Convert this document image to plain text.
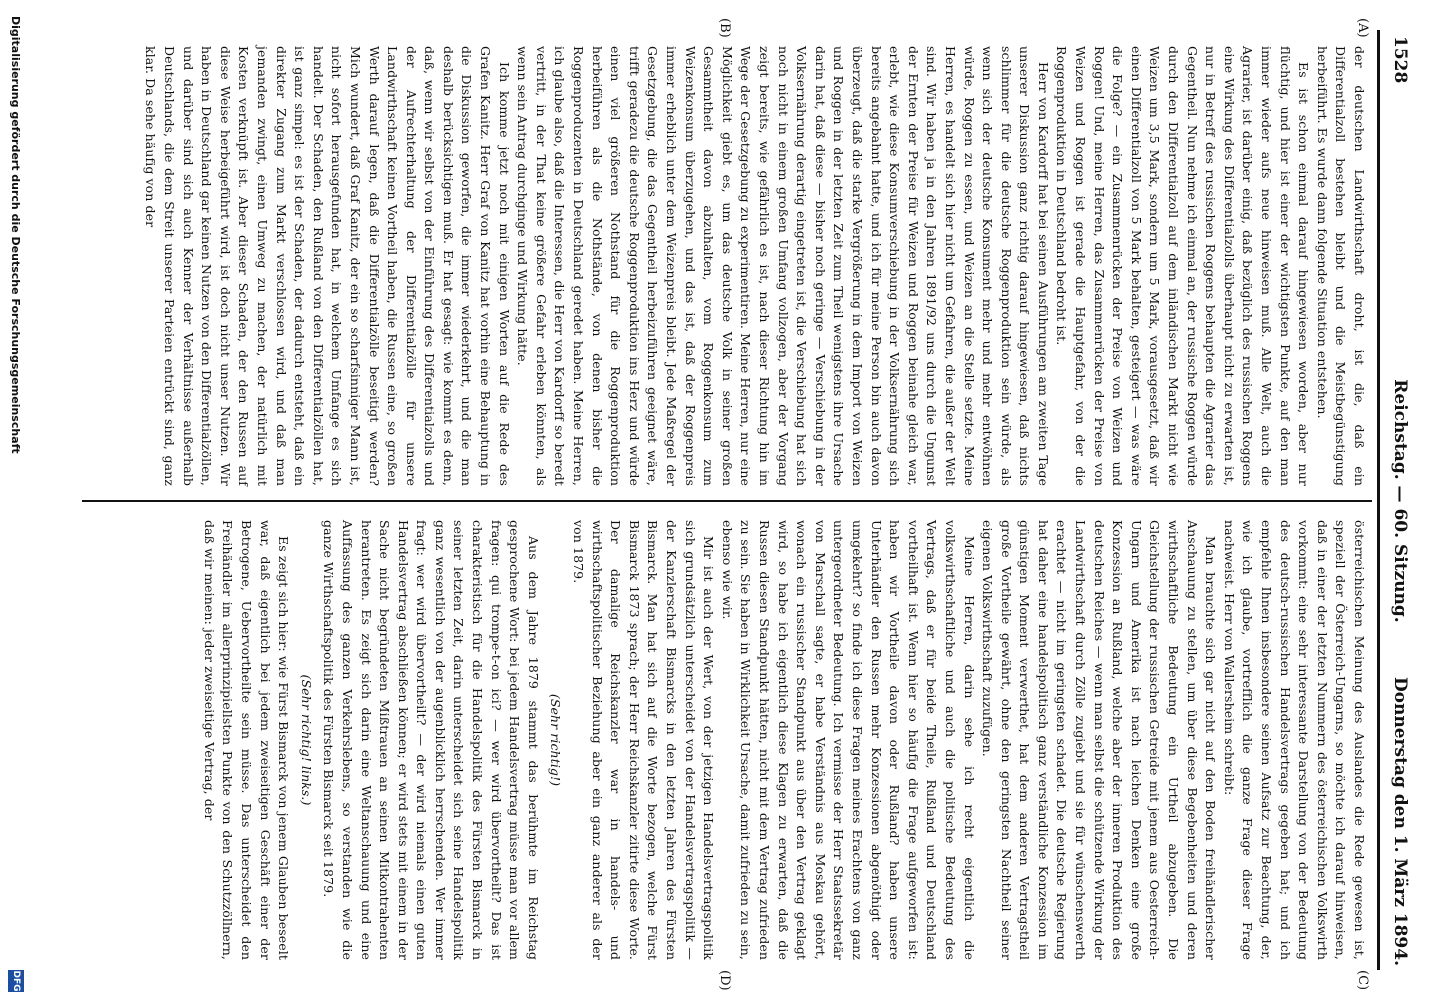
1528
Reichstag. — 60. Sitzung.
Donnerstag den 1. März 1894.
(A)
(B)
(C)
(D)

der deutschen Landwirthschaft droht, ist die, daß ein Differentialzoll bestehen bleibt und die Meistbegünstigung herbeiführt. Es wurde dann folgende Situation entstehen.

Es ist schon einmal darauf hingewiesen worden, aber nur flüchtig, und hier ist einer der wichtigsten Punkte, auf den man immer wieder aufs neue hinweisen muß. Alle Welt, auch die Agrarier, ist darüber einig, daß bezüglich des russischen Roggens eine Wirkung des Differentialzolls überhaupt nicht zu erwarten ist, nur in Betreff des russischen Roggens behaupten die Agrarier das Gegentheil. Nun nehme ich einmal an, der russische Roggen würde durch den Differentialzoll auf dem inländischen Markt nicht wie Weizen um 3,5 Mark, sondern um 5 Mark, vorausgesetzt, daß wir einen Differentialzoll von 5 Mark behalten, gesteigert — was wäre die Folge? — ein Zusammenrücken der Preise von Weizen und Roggen! Und, meine Herren, das Zusammenrücken der Preise von Weizen und Roggen ist gerade die Hauptgefahr, von der die Roggenproduktion in Deutschland bedroht ist.

Herr von Kardorff hat bei seinen Ausführungen am zweiten Tage unserer Diskussion ganz richtig darauf hingewiesen, daß nichts schlimmer für die deutsche Roggenproduktion sein würde, als wenn sich der deutsche Konsument mehr und mehr entwöhnen würde, Roggen zu essen, und Weizen an die Stelle setzte. Meine Herren, es handelt sich hier nicht um Gefahren, die außer der Welt sind. Wir haben ja in den Jahren 1891/92 uns durch die Ungunst der Ernten der Preise für Weizen und Roggen beinahe gleich war, erlebt, wie diese Konsumverschiebung in der Volksernährung sich bereits angebahnt hatte, und ich für meine Person bin auch davon überzeugt, daß die starke Vergrößerung in dem Import von Weizen und Roggen in der letzten Zeit zum Theil wenigstens ihre Ursache darin hat, daß diese — bisher noch geringe — Verschiebung in der Volksernährung derartig eingetreten ist, die Verschiebung hat sich noch nicht in einem großen Umfang vollzogen, aber der Vorgang zeigt bereits, wie gefährlich es ist, nach dieser Richtung hin im Wege der Gesetzgebung zu experimentiren. Meine Herren, nur eine Möglichkeit giebt es, um das deutsche Volk in seiner großen Gesammtheit davon abzuhalten, vom Roggenkonsum zum Weizenkonsum überzugehen, und das ist, daß der Roggenpreis immer erheblich unter dem Weizenpreis bleibt. Jede Maßregel der Gesetzgebung, die das Gegentheil herbeizuführen geeignet wäre, trifft geradezu die deutsche Roggenproduktion ins Herz und würde einen viel größeren Nothstand für die Roggenproduktion herbeiführen als die Nothstände, von denen bisher die Roggenproduzenten in Deutschland geredet haben. Meine Herren, ich glaube also, daß die Interessen, die Herr von Kardorff so beredt vertritt, in der That keine größere Gefahr erleben könnten, als wenn sein Antrag durchginge und Wirkung hätte.

Ich komme jetzt noch mit einigen Worten auf die Rede des Grafen Kanitz. Herr Graf von Kanitz hat vorhin eine Behauptung in die Diskussion geworfen, die immer wiederkehrt, und die man deshalb berücksichtigen muß. Er hat gesagt: wie kommt es denn, daß, wenn wir selbst von der Einführung des Differentialzolls und der Aufrechterhaltung der Differentialzölle für unsere Landwirthschaft keinen Vortheil haben, die Russen eine, so großen Werth darauf legen, daß die Differentialzölle beseitigt werden? Mich wundert, daß Graf Kanitz, der ein so scharfsinniger Mann ist, nicht sofort herausgefunden hat, in welchem Umfange es sich handelt. Der Schaden, den Rußland von den Differentialzöllen hat, ist ganz simpel: es ist der Schaden, der dadurch entsteht, daß ein direkter Zugang zum Markt verschlossen wird, und daß man jemanden zwingt, einen Umweg zu machen, der natürlich mit Kosten verknüpft ist. Aber dieser Schaden, der den Russen auf diese Weise herbeigeführt wird, ist doch nicht unser Nutzen. Wir haben in Deutschland gar keinen Nutzen von den Differentialzöllen, und darüber sind sich auch Kenner der Verhältnisse außerhalb Deutschlands, die dem Streit unserer Parteien entrückt sind, ganz klar. Da sehe häufig von der

österreichischen Meinung des Auslandes die Rede gewesen ist, speziell der Österreich-Ungarns, so möchte ich darauf hinweisen, daß in einer der letzten Nummern des österreichischen Volkswirth vorkommt: eine sehr interessante Darstellung von der Bedeutung des deutsch-russischen Handelsvertrags gegeben hat; und ich empfehle Ihnen insbesondere seinen Aufsatz zur Beachtung, der, wie ich glaube, vortrefflich die ganze Frage dieser Frage nachweist. Herr von Wallersheim schreibt:

Man brauchte sich gar nicht auf den Boden freihändlerischer Anschauung zu stellen, um über diese Begebenheiten und deren wirthschaftliche Bedeutung ein Urtheil abzugeben. Die Gleichstellung der russischen Getreide mit jenem aus Oesterreich-Ungarn und Amerika ist nach leichen Denken eine große Konzession an Rußland, welche aber der inneren Produktion des deutschen Reiches — wenn man selbst die schützende Wirkung der Landwirthschaft durch Zölle zugiebt und sie für wünschenswerth erachtet — nicht im geringsten schadet. Die deutsche Regierung hat daher eine handelspolitisch ganz verständliche Konzession im günstigen Moment verwerthet, hat dem anderen Vertragstheil große Vortheile gewährt, ohne den geringsten Nachtheil seiner eigenen Volkswirthschaft zuzufügen.

Meine Herren, darin sehe ich recht eigentlich die volkswirthschaftliche und auch die politische Bedeutung des Vertrags, daß er für beide Theile, Rußland und Deutschland vortheilhaft ist. Wenn hier so häufig die Frage aufgeworfen ist: haben wir Vortheile davon oder Rußland? haben unsere Unterhändler den Russen mehr Konzessionen abgenöthigt oder umgekehrt? so finde ich diese Fragen meines Erachtens von ganz untergeordneter Bedeutung. Ich vermisse der Herr Staatssekretär von Marschall sagte, er habe Verständnis aus Moskau gehört, wonach ein russischer Standpunkt aus über den Vertrag geklagt wird, so habe ich eigentlich diese Klagen zu erwarten, daß die Russen diesen Standpunkt hätten, nicht mit dem Vertrag zufrieden zu sein. Sie haben in Wirklichkeit Ursache, damit zufrieden zu sein, ebenso wie wir.

Mir ist auch der Wert, von der jetzigen Handelsvertragspolitik sich grundsätzlich unterscheidet von der Handelsvertragspolitik — der Kanzlerschaft Bismarcks in den letzten Jahren des Fürsten Bismarck. Man hat sich auf die Worte bezogen, welche Fürst Bismarck 1873 sprach; der Herr Reichskanzler zitirte diese Worte. Der damalige Reichskanzler war in handels- und wirthschaftspolitischer Beziehung aber ein ganz anderer als der von 1879.

(Sehr richtig!)

Aus dem Jahre 1879 stammt das berühmte im Reichstag gesprochene Wort: bei jedem Handelsvertrag müsse man vor allem fragen: qui trompe-t-on ici? — wer wird übervortheilt? Das ist charakteristisch für die Handelspolitik des Fürsten Bismarck in seiner letzten Zeit, darin unterscheidet sich seine Handelspolitik ganz wesentlich von der augenblicklich herrschenden. Wer immer fragt: wer wird übervortheilt? — der wird niemals einen guten Handelsvertrag abschließen können; er wird stets mit einem in der Sache nicht begründeten Mißtrauen an seinen Mitkontrahenten herantreten. Es zeigt sich darin eine Weltanschauung und eine Auffassung des ganzen Verkehrslebens, so verstanden wie die ganze Wirthschaftspolitik des Fürsten Bismarck seit 1879.

(Sehr richtig! links.)

Es zeigt sich hier: wie Fürst Bismarck von jenem Glauben beseelt war, daß eigentlich bei jedem zweiseitigen Geschäft einer der Betrogene, Uebervortheilte sein müsse. Das unterscheidet den Freihändler im allerprinzipiellsten Punkte von den Schutzzöllnern, daß wir meinen: jeder zweiseitige Vertrag, der

Digitalisierung gefördert durch die Deutsche Forschungsgemeinschaft
DFG
